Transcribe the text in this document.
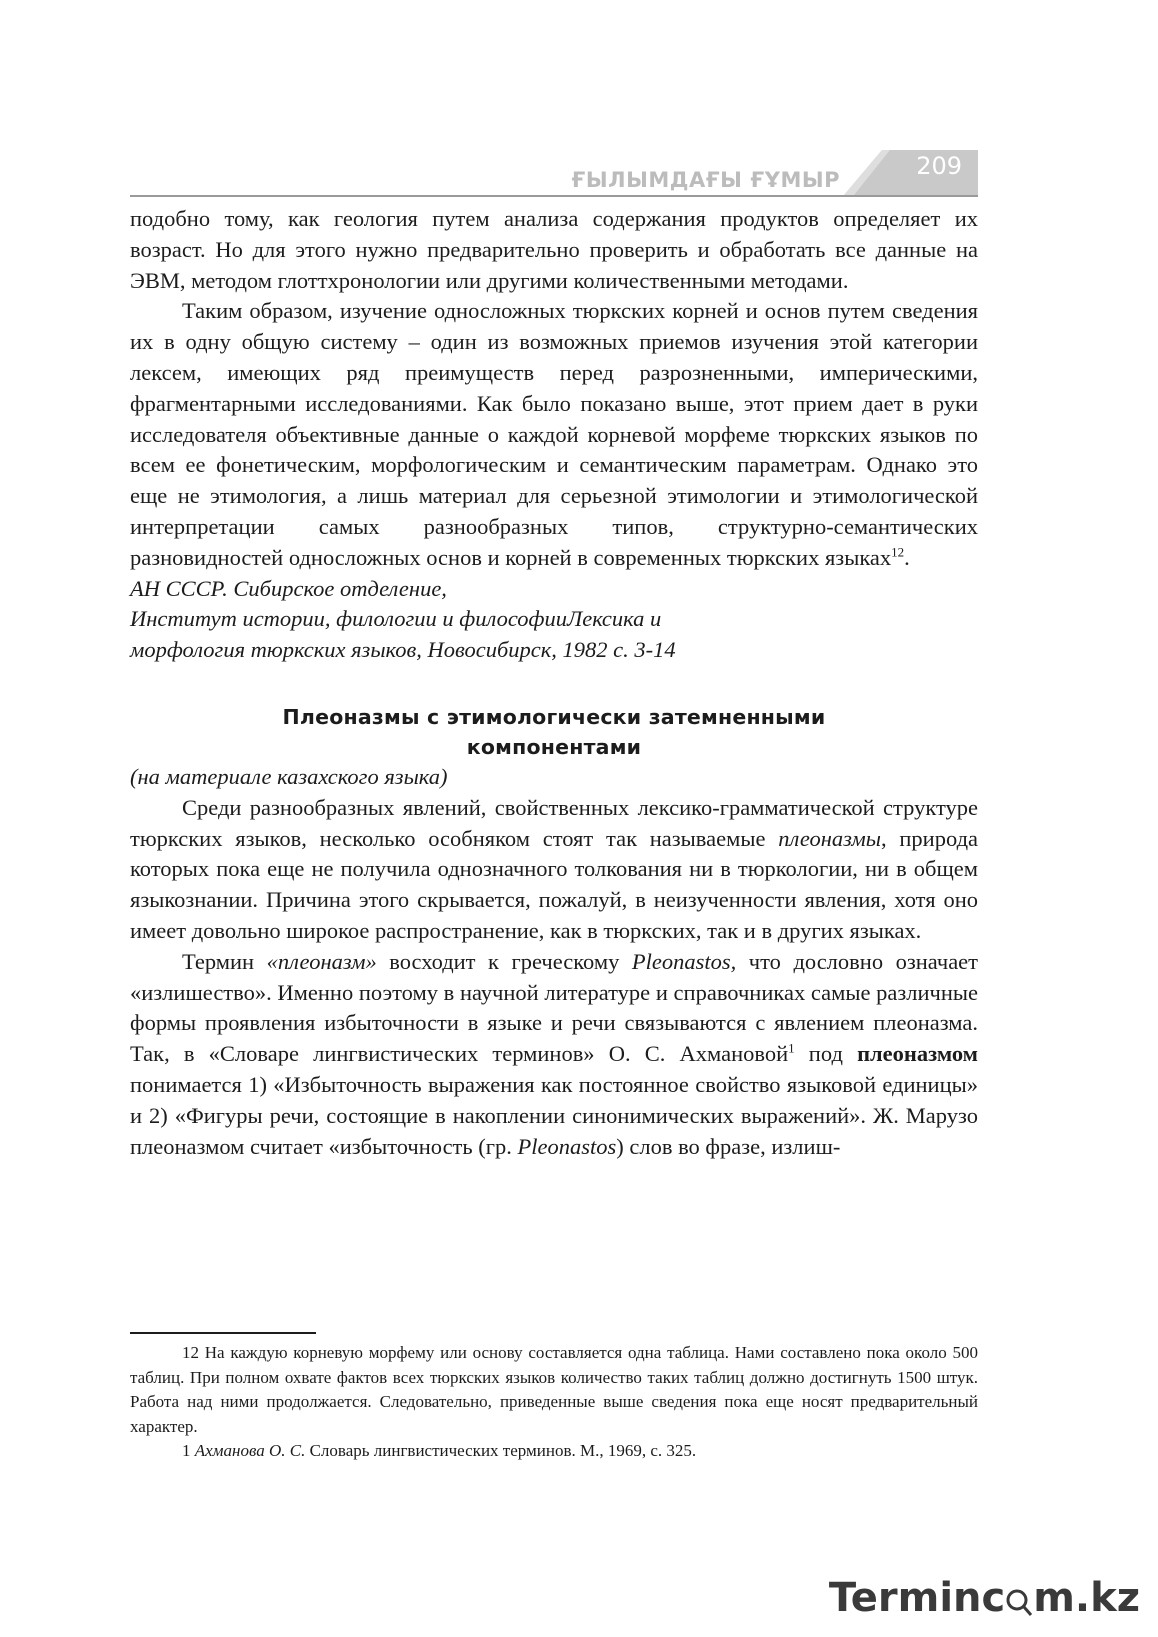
ҒЫЛЫМДАҒЫ ҒҰМЫР	209

подобно тому, как геология путем анализа содержания продуктов определяет их возраст. Но для этого нужно предварительно проверить и обработать все данные на ЭВМ, методом глоттхронологии или другими количественными методами.

Таким образом, изучение односложных тюркских корней и основ путем сведения их в одну общую систему – один из возможных приемов изучения этой категории лексем, имеющих ряд преимуществ перед разрозненными, империческими, фрагментарными исследованиями. Как было показано выше, этот прием дает в руки исследователя объективные данные о каждой корневой морфеме тюркских языков по всем ее фонетическим, морфологическим и семантическим параметрам. Однако это еще не этимология, а лишь материал для серьезной этимологии и этимологической интерпретации самых разнообразных типов, структурно-семантических разновидностей односложных основ и корней в современных тюркских языках$^{12}$.

АН СССР. Сибирское отделение,

Институт истории, филологии и философииЛексика и

морфология тюркских языков, Новосибирск, 1982 с. 3-14

Плеоназмы с этимологически затемненными
компонентами

(на материале казахского языка)

Среди разнообразных явлений, свойственных лексико-грамматической структуре тюркских языков, несколько особняком стоят так называемые плеоназмы, природа которых пока еще не получила однозначного толкования ни в тюркологии, ни в общем языкознании. Причина этого скрывается, пожалуй, в неизученности явления, хотя оно имеет довольно широкое распространение, как в тюркских, так и в других языках.

Термин «плеоназм» восходит к греческому Pleonastos, что дословно означает «излишество». Именно поэтому в научной литературе и справочниках самые различные формы проявления избыточности в языке и речи связываются с явлением плеоназма. Так, в «Словаре лингвистических терминов» О. С. Ахмановой$^1$ под плеоназмом понимается 1) «Избыточность выражения как постоянное свойство языковой единицы» и 2) «Фигуры речи, состоящие в накоплении синонимических выражений». Ж. Марузо плеоназмом считает «избыточность (гр. Pleonastos) слов во фразе, излиш-

12 На каждую корневую морфему или основу составляется одна таблица. Нами составлено пока около 500 таблиц. При полном охвате фактов всех тюркских языков количество таких таблиц должно достигнуть 1500 штук. Работа над ними продолжается. Следовательно, приведенные выше сведения пока еще носят предварительный характер.

1 Ахманова О. С. Словарь лингвистических терминов. М., 1969, с. 325.

Terminc m.kz
